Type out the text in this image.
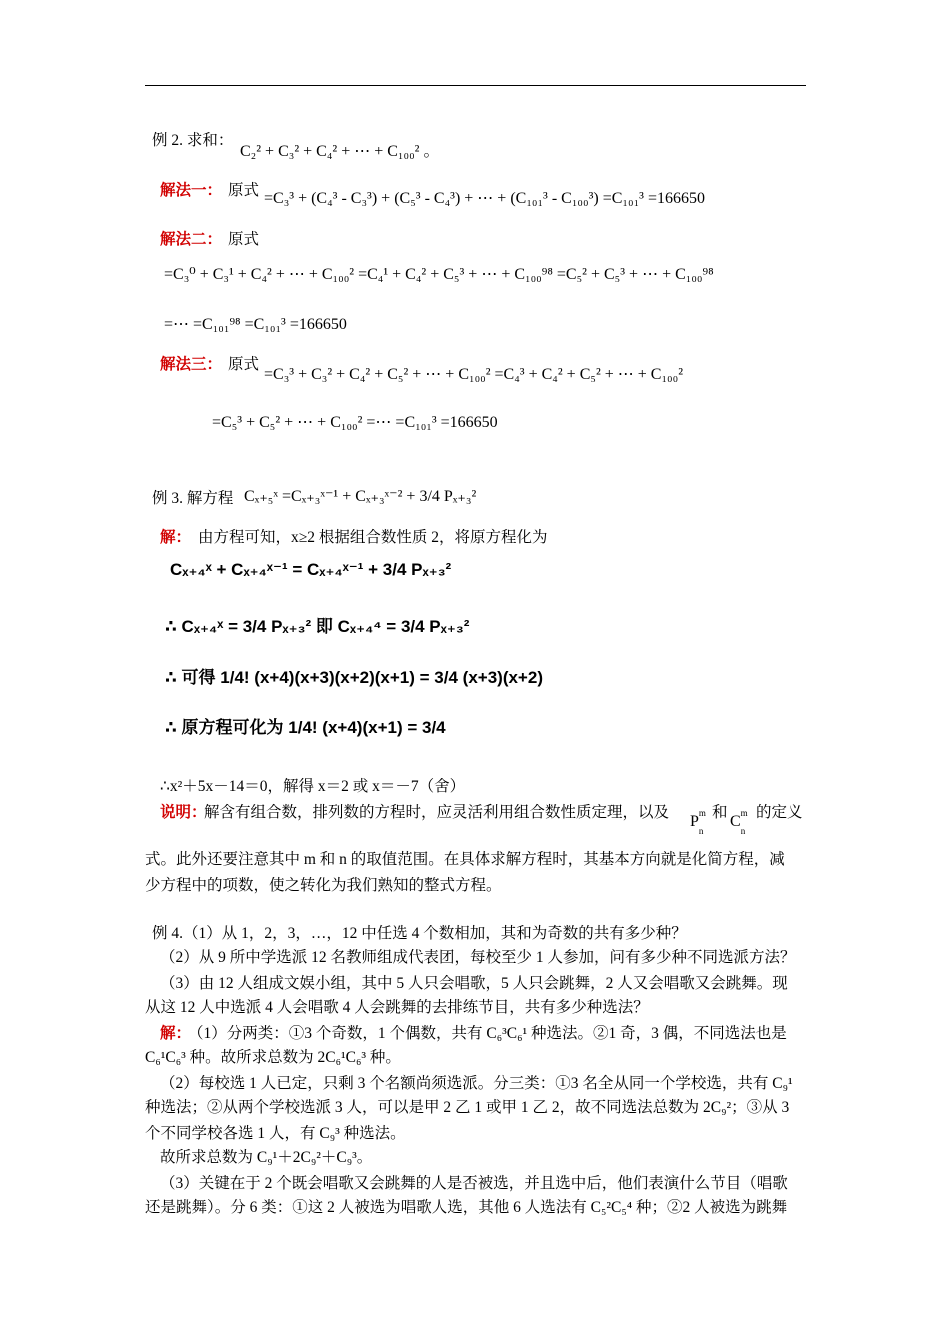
例 2. 求和：
C₂² + C₃² + C₄² + ⋯ + C₁₀₀² 。
解法一： 原式 =C₃³ + (C₄³ - C₃³) + (C₅³ - C₄³) + ⋯ + (C₁₀₁³ - C₁₀₀³) =C₁₀₁³ =166650
解法二： 原式
=C₃⁰ + C₃¹ + C₄² + ⋯ + C₁₀₀² =C₄¹ + C₄² + C₅³ + ⋯ + C₁₀₀⁹⁸ =C₅² + C₅³ + ⋯ + C₁₀₀⁹⁸
=⋯ =C₁₀₁⁹⁸ =C₁₀₁³ =166650
解法三： 原式
=C₃³ + C₃² + C₄² + C₅² + ⋯ + C₁₀₀² =C₄³ + C₄² + C₅² + ⋯ + C₁₀₀²
=C₅³ + C₅² + ⋯ + C₁₀₀² =⋯ =C₁₀₁³ =166650
例 3. 解方程 Cₓ₊₅ˣ =Cₓ₊₃ˣ⁻¹ + Cₓ₊₃ˣ⁻² + 3/4 Pₓ₊₃²
解： 由方程可知，x≥2 根据组合数性质 2，将原方程化为
Cₓ₊₄ˣ + Cₓ₊₄ˣ⁻¹ = Cₓ₊₄ˣ⁻¹ + 3/4 Pₓ₊₃²
∴ Cₓ₊₄ˣ = 3/4 Pₓ₊₃² 即 Cₓ₊₄⁴ = 3/4 Pₓ₊₃²
∴ 可得 1/4! (x+4)(x+3)(x+2)(x+1) = 3/4 (x+3)(x+2)
∴ 原方程可化为 1/4! (x+4)(x+1) = 3/4
∴x²＋5x－14＝0，解得 x＝2 或 x＝－7（舍）
说明：
解含有组合数，排列数的方程时，应灵活利用组合数性质定理，以及
$P^m_n$
和
$C^m_n$
的定义
式。此外还要注意其中 m 和 n 的取值范围。在具体求解方程时，其基本方向就是化简方程，减
少方程中的项数，使之转化为我们熟知的整式方程。
例 4.（1）从 1，2，3，…，12 中任选 4 个数相加，其和为奇数的共有多少种？
（2）从 9 所中学选派 12 名教师组成代表团，每校至少 1 人参加，问有多少种不同选派方法？
（3）由 12 人组成文娱小组，其中 5 人只会唱歌，5 人只会跳舞，2 人又会唱歌又会跳舞。现
从这 12 人中选派 4 人会唱歌 4 人会跳舞的去排练节目，共有多少种选法？
解：
（1）分两类：①3 个奇数，1 个偶数，共有 C₆³C₆¹ 种选法。②1 奇，3 偶，不同选法也是
C₆¹C₆³ 种。故所求总数为 2C₆¹C₆³ 种。
（2）每校选 1 人已定，只剩 3 个名额尚须选派。分三类：①3 名全从同一个学校选，共有 C₉¹
种选法；②从两个学校选派 3 人，可以是甲 2 乙 1 或甲 1 乙 2，故不同选法总数为 2C₉²；③从 3
个不同学校各选 1 人，有 C₉³ 种选法。
故所求总数为 C₉¹＋2C₉²＋C₉³。
（3）关键在于 2 个既会唱歌又会跳舞的人是否被选，并且选中后，他们表演什么节目（唱歌
还是跳舞）。分 6 类：①这 2 人被选为唱歌人选，其他 6 人选法有 C₅²C₅⁴ 种；②2 人被选为跳舞
